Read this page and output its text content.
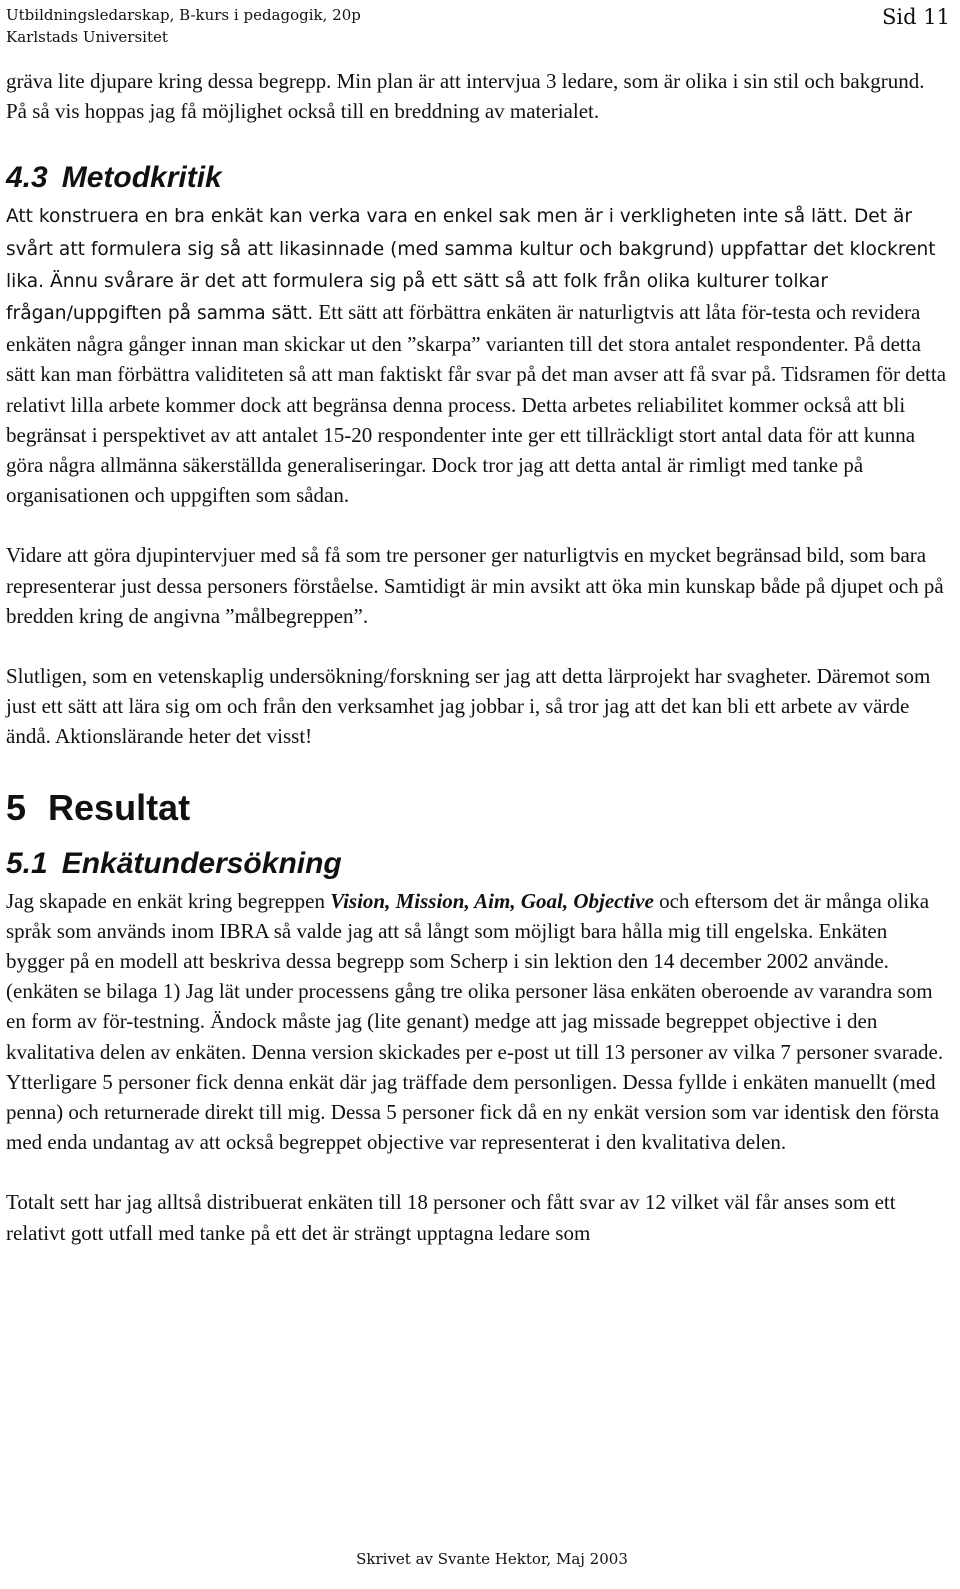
Utbildningsledarskap, B-kurs i pedagogik, 20p
Karlstads Universitet
Sid 11

gräva lite djupare kring dessa begrepp. Min plan är att intervjua 3 ledare, som är olika i sin stil och bakgrund. På så vis hoppas jag få möjlighet också till en breddning av materialet.

4.3 Metodkritik

Att konstruera en bra enkät kan verka vara en enkel sak men är i verkligheten inte så lätt. Det är svårt att formulera sig så att likasinnade (med samma kultur och bakgrund) uppfattar det klockrent lika. Ännu svårare är det att formulera sig på ett sätt så att folk från olika kulturer tolkar frågan/uppgiften på samma sätt. Ett sätt att förbättra enkäten är naturligtvis att låta för-testa och revidera enkäten några gånger innan man skickar ut den ”skarpa” varianten till det stora antalet respondenter. På detta sätt kan man förbättra validiteten så att man faktiskt får svar på det man avser att få svar på. Tidsramen för detta relativt lilla arbete kommer dock att begränsa denna process. Detta arbetes reliabilitet kommer också att bli begränsat i perspektivet av att antalet 15-20 respondenter inte ger ett tillräckligt stort antal data för att kunna göra några allmänna säkerställda generaliseringar. Dock tror jag att detta antal är rimligt med tanke på organisationen och uppgiften som sådan.

Vidare att göra djupintervjuer med så få som tre personer ger naturligtvis en mycket begränsad bild, som bara representerar just dessa personers förståelse. Samtidigt är min avsikt att öka min kunskap både på djupet och på bredden kring de angivna ”målbegreppen”.

Slutligen, som en vetenskaplig undersökning/forskning ser jag att detta lärprojekt har svagheter. Däremot som just ett sätt att lära sig om och från den verksamhet jag jobbar i, så tror jag att det kan bli ett arbete av värde ändå. Aktionslärande heter det visst!

5 Resultat
5.1 Enkätundersökning

Jag skapade en enkät kring begreppen Vision, Mission, Aim, Goal, Objective och eftersom det är många olika språk som används inom IBRA så valde jag att så långt som möjligt bara hålla mig till engelska. Enkäten bygger på en modell att beskriva dessa begrepp som Scherp i sin lektion den 14 december 2002 använde. (enkäten se bilaga 1) Jag lät under processens gång tre olika personer läsa enkäten oberoende av varandra som en form av för-testning. Ändock måste jag (lite genant) medge att jag missade begreppet objective i den kvalitativa delen av enkäten. Denna version skickades per e-post ut till 13 personer av vilka 7 personer svarade. Ytterligare 5 personer fick denna enkät där jag träffade dem personligen. Dessa fyllde i enkäten manuellt (med penna) och returnerade direkt till mig. Dessa 5 personer fick då en ny enkät version som var identisk den första med enda undantag av att också begreppet objective var representerat i den kvalitativa delen.

Totalt sett har jag alltså distribuerat enkäten till 18 personer och fått svar av 12 vilket väl får anses som ett relativt gott utfall med tanke på ett det är strängt upptagna ledare som

Skrivet av Svante Hektor, Maj 2003
